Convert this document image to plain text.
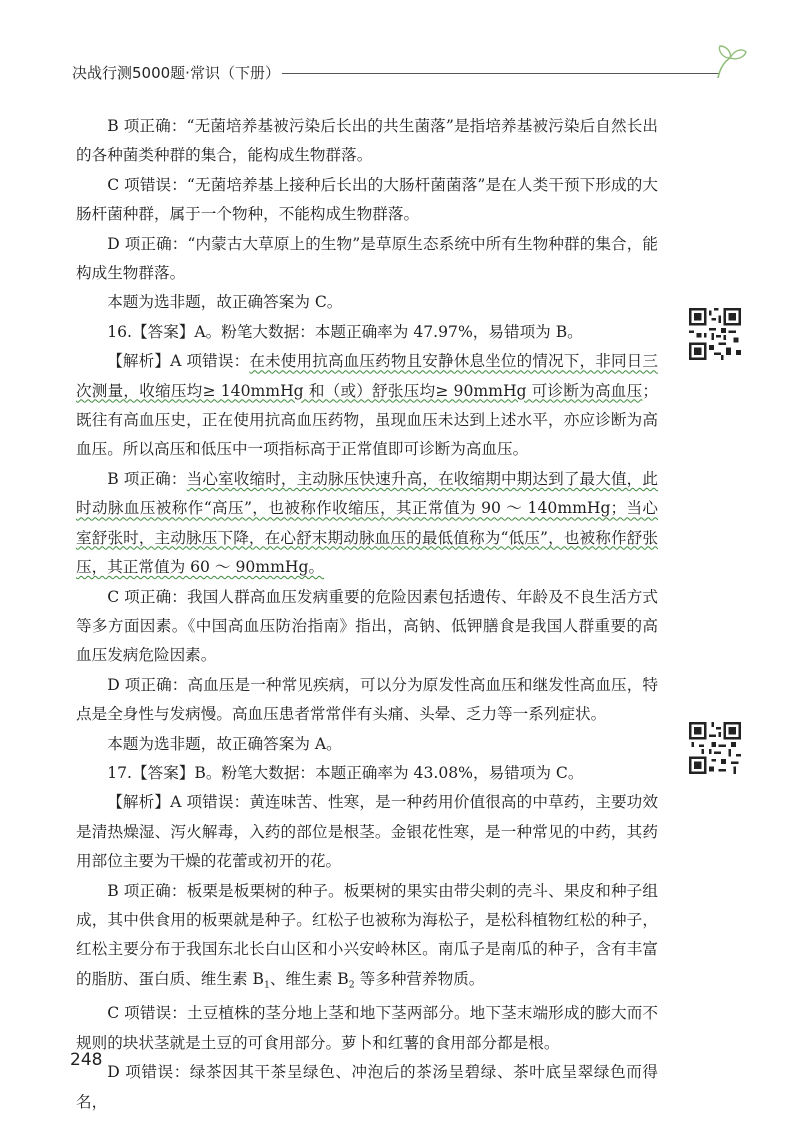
决战行测5000题·常识（下册）

B 项正确：“无菌培养基被污染后长出的共生菌落”是指培养基被污染后自然长出的各种菌类种群的集合，能构成生物群落。

C 项错误：“无菌培养基上接种后长出的大肠杆菌菌落”是在人类干预下形成的大肠杆菌种群，属于一个物种，不能构成生物群落。

D 项正确：“内蒙古大草原上的生物”是草原生态系统中所有生物种群的集合，能构成生物群落。

本题为选非题，故正确答案为 C。

16.【答案】A。粉笔大数据：本题正确率为 47.97%，易错项为 B。

【解析】A 项错误：在未使用抗高血压药物且安静休息坐位的情况下，非同日三次测量，收缩压均≥ 140mmHg 和（或）舒张压均≥ 90mmHg 可诊断为高血压；既往有高血压史，正在使用抗高血压药物，虽现血压未达到上述水平，亦应诊断为高血压。所以高压和低压中一项指标高于正常值即可诊断为高血压。

B 项正确：当心室收缩时，主动脉压快速升高，在收缩期中期达到了最大值，此时动脉血压被称作“高压”，也被称作收缩压，其正常值为 90 ～ 140mmHg；当心室舒张时，主动脉压下降，在心舒末期动脉血压的最低值称为“低压”，也被称作舒张压，其正常值为 60 ～ 90mmHg。

C 项正确：我国人群高血压发病重要的危险因素包括遗传、年龄及不良生活方式等多方面因素。《中国高血压防治指南》指出，高钠、低钾膳食是我国人群重要的高血压发病危险因素。

D 项正确：高血压是一种常见疾病，可以分为原发性高血压和继发性高血压，特点是全身性与发病慢。高血压患者常常伴有头痛、头晕、乏力等一系列症状。

本题为选非题，故正确答案为 A。

17.【答案】B。粉笔大数据：本题正确率为 43.08%，易错项为 C。

【解析】A 项错误：黄连味苦、性寒，是一种药用价值很高的中草药，主要功效是清热燥湿、泻火解毒，入药的部位是根茎。金银花性寒，是一种常见的中药，其药用部位主要为干燥的花蕾或初开的花。

B 项正确：板栗是板栗树的种子。板栗树的果实由带尖刺的壳斗、果皮和种子组成，其中供食用的板栗就是种子。红松子也被称为海松子，是松科植物红松的种子，红松主要分布于我国东北长白山区和小兴安岭林区。南瓜子是南瓜的种子，含有丰富的脂肪、蛋白质、维生素 $B_1$、维生素 $B_2$ 等多种营养物质。

C 项错误：土豆植株的茎分地上茎和地下茎两部分。地下茎末端形成的膨大而不规则的块状茎就是土豆的可食用部分。萝卜和红薯的食用部分都是根。

D 项错误：绿茶因其干茶呈绿色、冲泡后的茶汤呈碧绿、茶叶底呈翠绿色而得名，

248
